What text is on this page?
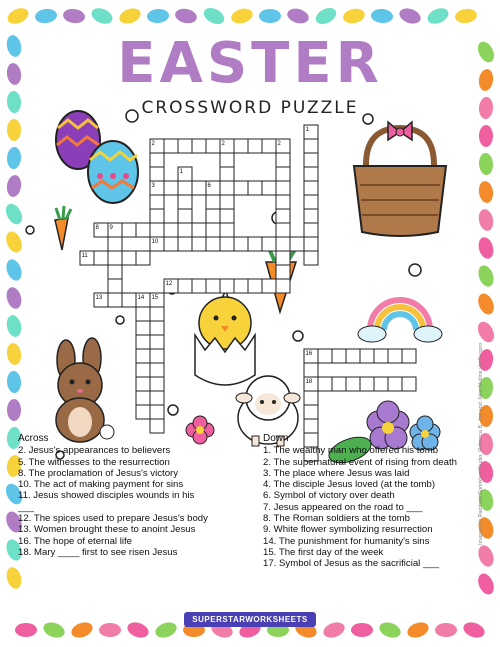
EASTER
CROSSWORD PUZZLE
1
2	2	2
1
3	6
8 9
10
11
12
13	14 15
16
18
Across
2. Jesus's appearances to believers
5. The witnesses to the resurrection
8. The proclamation of Jesus's victory
10. The act of making payment for sins
11. Jesus showed disciples wounds in his
___
12. The spices used to prepare Jesus's body
13. Women brought these to anoint Jesus
16. The hope of eternal life
18. Mary ____ first to see risen Jesus
Down
1. The wealthy man who offered his tomb
2. The supernatural event of rising from death
3. The place where Jesus was laid
4. The disciple Jesus loved (at the tomb)
6. Symbol of victory over death
7. Jesus appeared on the road to ___
8. The Roman soldiers at the tomb
9. White flower symbolizing resurrection
14. The punishment for humanity's sins
15. The first day of the week
17. Symbol of Jesus as the sacrificial ___
Images (c) Rainbow Sprinkles Studio, Rebecca B. Joa and Jake Mullins via Sunpro
SUPERSTARWORKSHEETS
